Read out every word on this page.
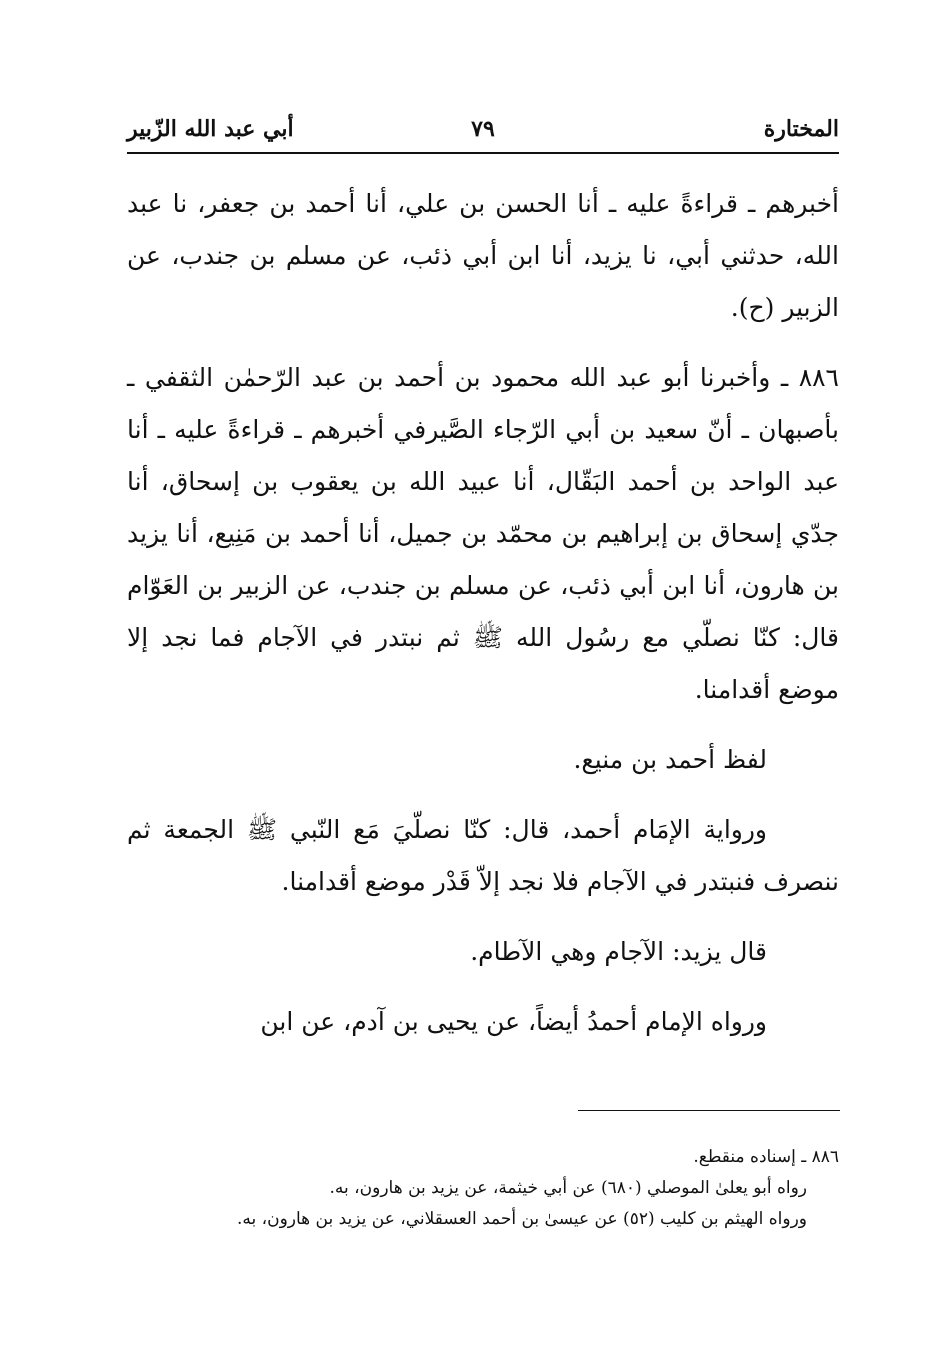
المختارة
٧٩
أبي عبد الله الزّبير

أخبرهم ـ قراءةً عليه ـ أنا الحسن بن علي، أنا أحمد بن جعفر، نا عبد الله، حدثني أبي، نا يزيد، أنا ابن أبي ذئب، عن مسلم بن جندب، عن الزبير (ح).

٨٨٦ ـ وأخبرنا أبو عبد الله محمود بن أحمد بن عبد الرّحمٰن الثقفي ـ بأصبهان ـ أنّ سعيد بن أبي الرّجاء الصَّيرفي أخبرهم ـ قراءةً عليه ـ أنا عبد الواحد بن أحمد البَقّال، أنا عبيد الله بن يعقوب بن إسحاق، أنا جدّي إسحاق بن إبراهيم بن محمّد بن جميل، أنا أحمد بن مَنِيع، أنا يزيد بن هارون، أنا ابن أبي ذئب، عن مسلم بن جندب، عن الزبير بن العَوّام قال: كنّا نصلّي مع رسُول الله ﷺ ثم نبتدر في الآجام فما نجد إلا موضع أقدامنا.

لفظ أحمد بن منيع.

ورواية الإمَام أحمد، قال: كنّا نصلّيَ مَع النّبي ﷺ الجمعة ثم ننصرف فنبتدر في الآجام فلا نجد إلاّ قَدْر موضع أقدامنا.

قال يزيد: الآجام وهي الآطام.

ورواه الإمام أحمدُ أيضاً، عن يحيى بن آدم، عن ابن

٨٨٦ ـ إسناده منقطع.

رواه أبو يعلىٰ الموصلي (٦٨٠) عن أبي خيثمة، عن يزيد بن هارون، به.

ورواه الهيثم بن كليب (٥٢) عن عيسىٰ بن أحمد العسقلاني، عن يزيد بن هارون، به.
